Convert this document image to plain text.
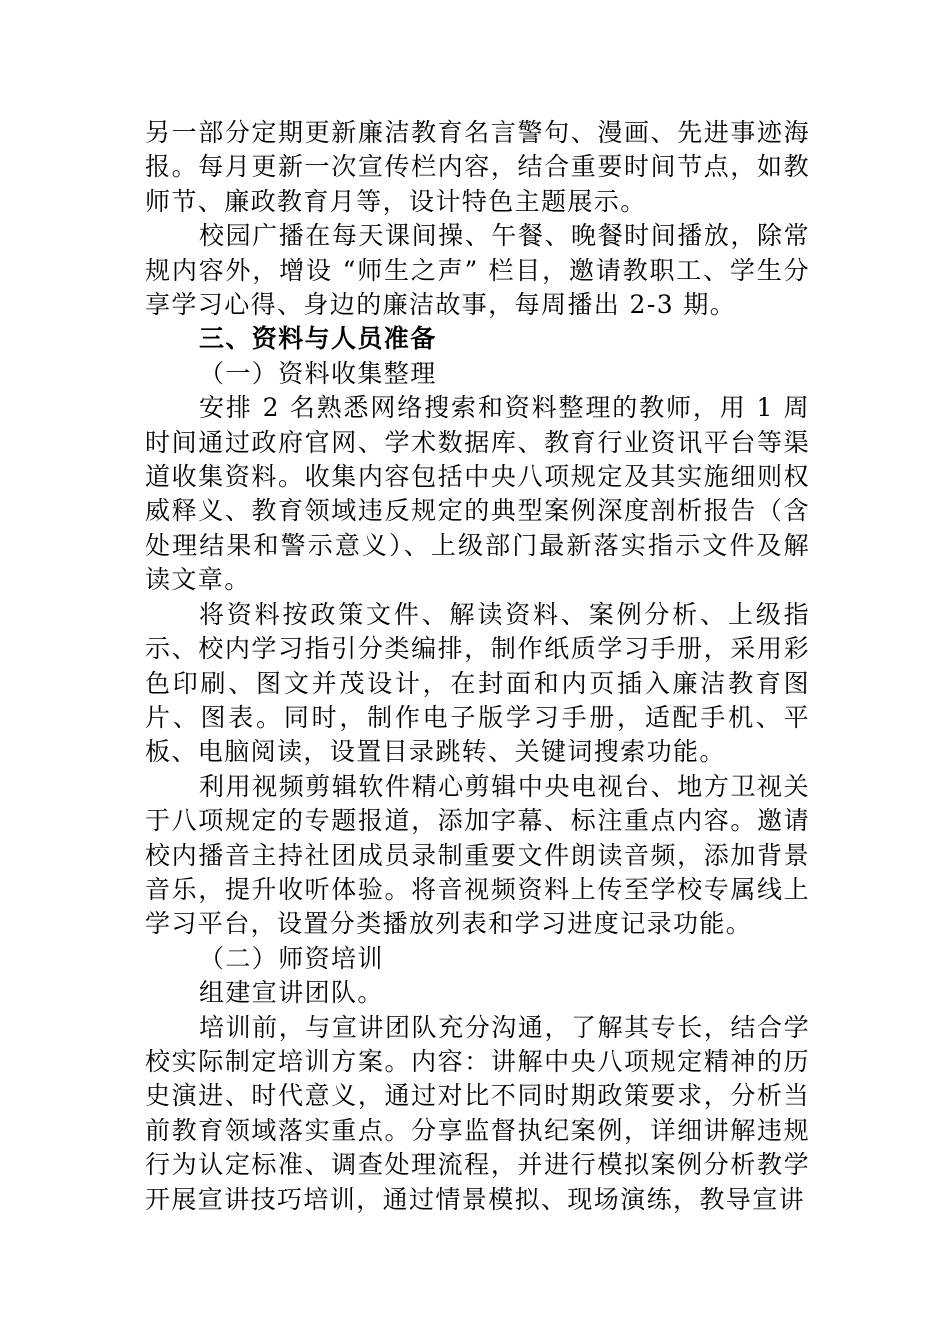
另一部分定期更新廉洁教育名言警句、漫画、先进事迹海报。每月更新一次宣传栏内容，结合重要时间节点，如教师节、廉政教育月等，设计特色主题展示。

校园广播在每天课间操、午餐、晚餐时间播放，除常规内容外，增设 “师生之声” 栏目，邀请教职工、学生分享学习心得、身边的廉洁故事，每周播出 2-3 期。

三、资料与人员准备

（一）资料收集整理

安排 2 名熟悉网络搜索和资料整理的教师，用 1 周时间通过政府官网、学术数据库、教育行业资讯平台等渠道收集资料。收集内容包括中央八项规定及其实施细则权威释义、教育领域违反规定的典型案例深度剖析报告（含处理结果和警示意义）、上级部门最新落实指示文件及解读文章。

将资料按政策文件、解读资料、案例分析、上级指示、校内学习指引分类编排，制作纸质学习手册，采用彩色印刷、图文并茂设计，在封面和内页插入廉洁教育图片、图表。同时，制作电子版学习手册，适配手机、平板、电脑阅读，设置目录跳转、关键词搜索功能。

利用视频剪辑软件精心剪辑中央电视台、地方卫视关于八项规定的专题报道，添加字幕、标注重点内容。邀请校内播音主持社团成员录制重要文件朗读音频，添加背景音乐，提升收听体验。将音视频资料上传至学校专属线上学习平台，设置分类播放列表和学习进度记录功能。

（二）师资培训

组建宣讲团队。

培训前，与宣讲团队充分沟通，了解其专长，结合学校实际制定培训方案。内容：讲解中央八项规定精神的历史演进、时代意义，通过对比不同时期政策要求，分析当前教育领域落实重点。分享监督执纪案例，详细讲解违规行为认定标准、调查处理流程，并进行模拟案例分析教学开展宣讲技巧培训，通过情景模拟、现场演练，教导宣讲
